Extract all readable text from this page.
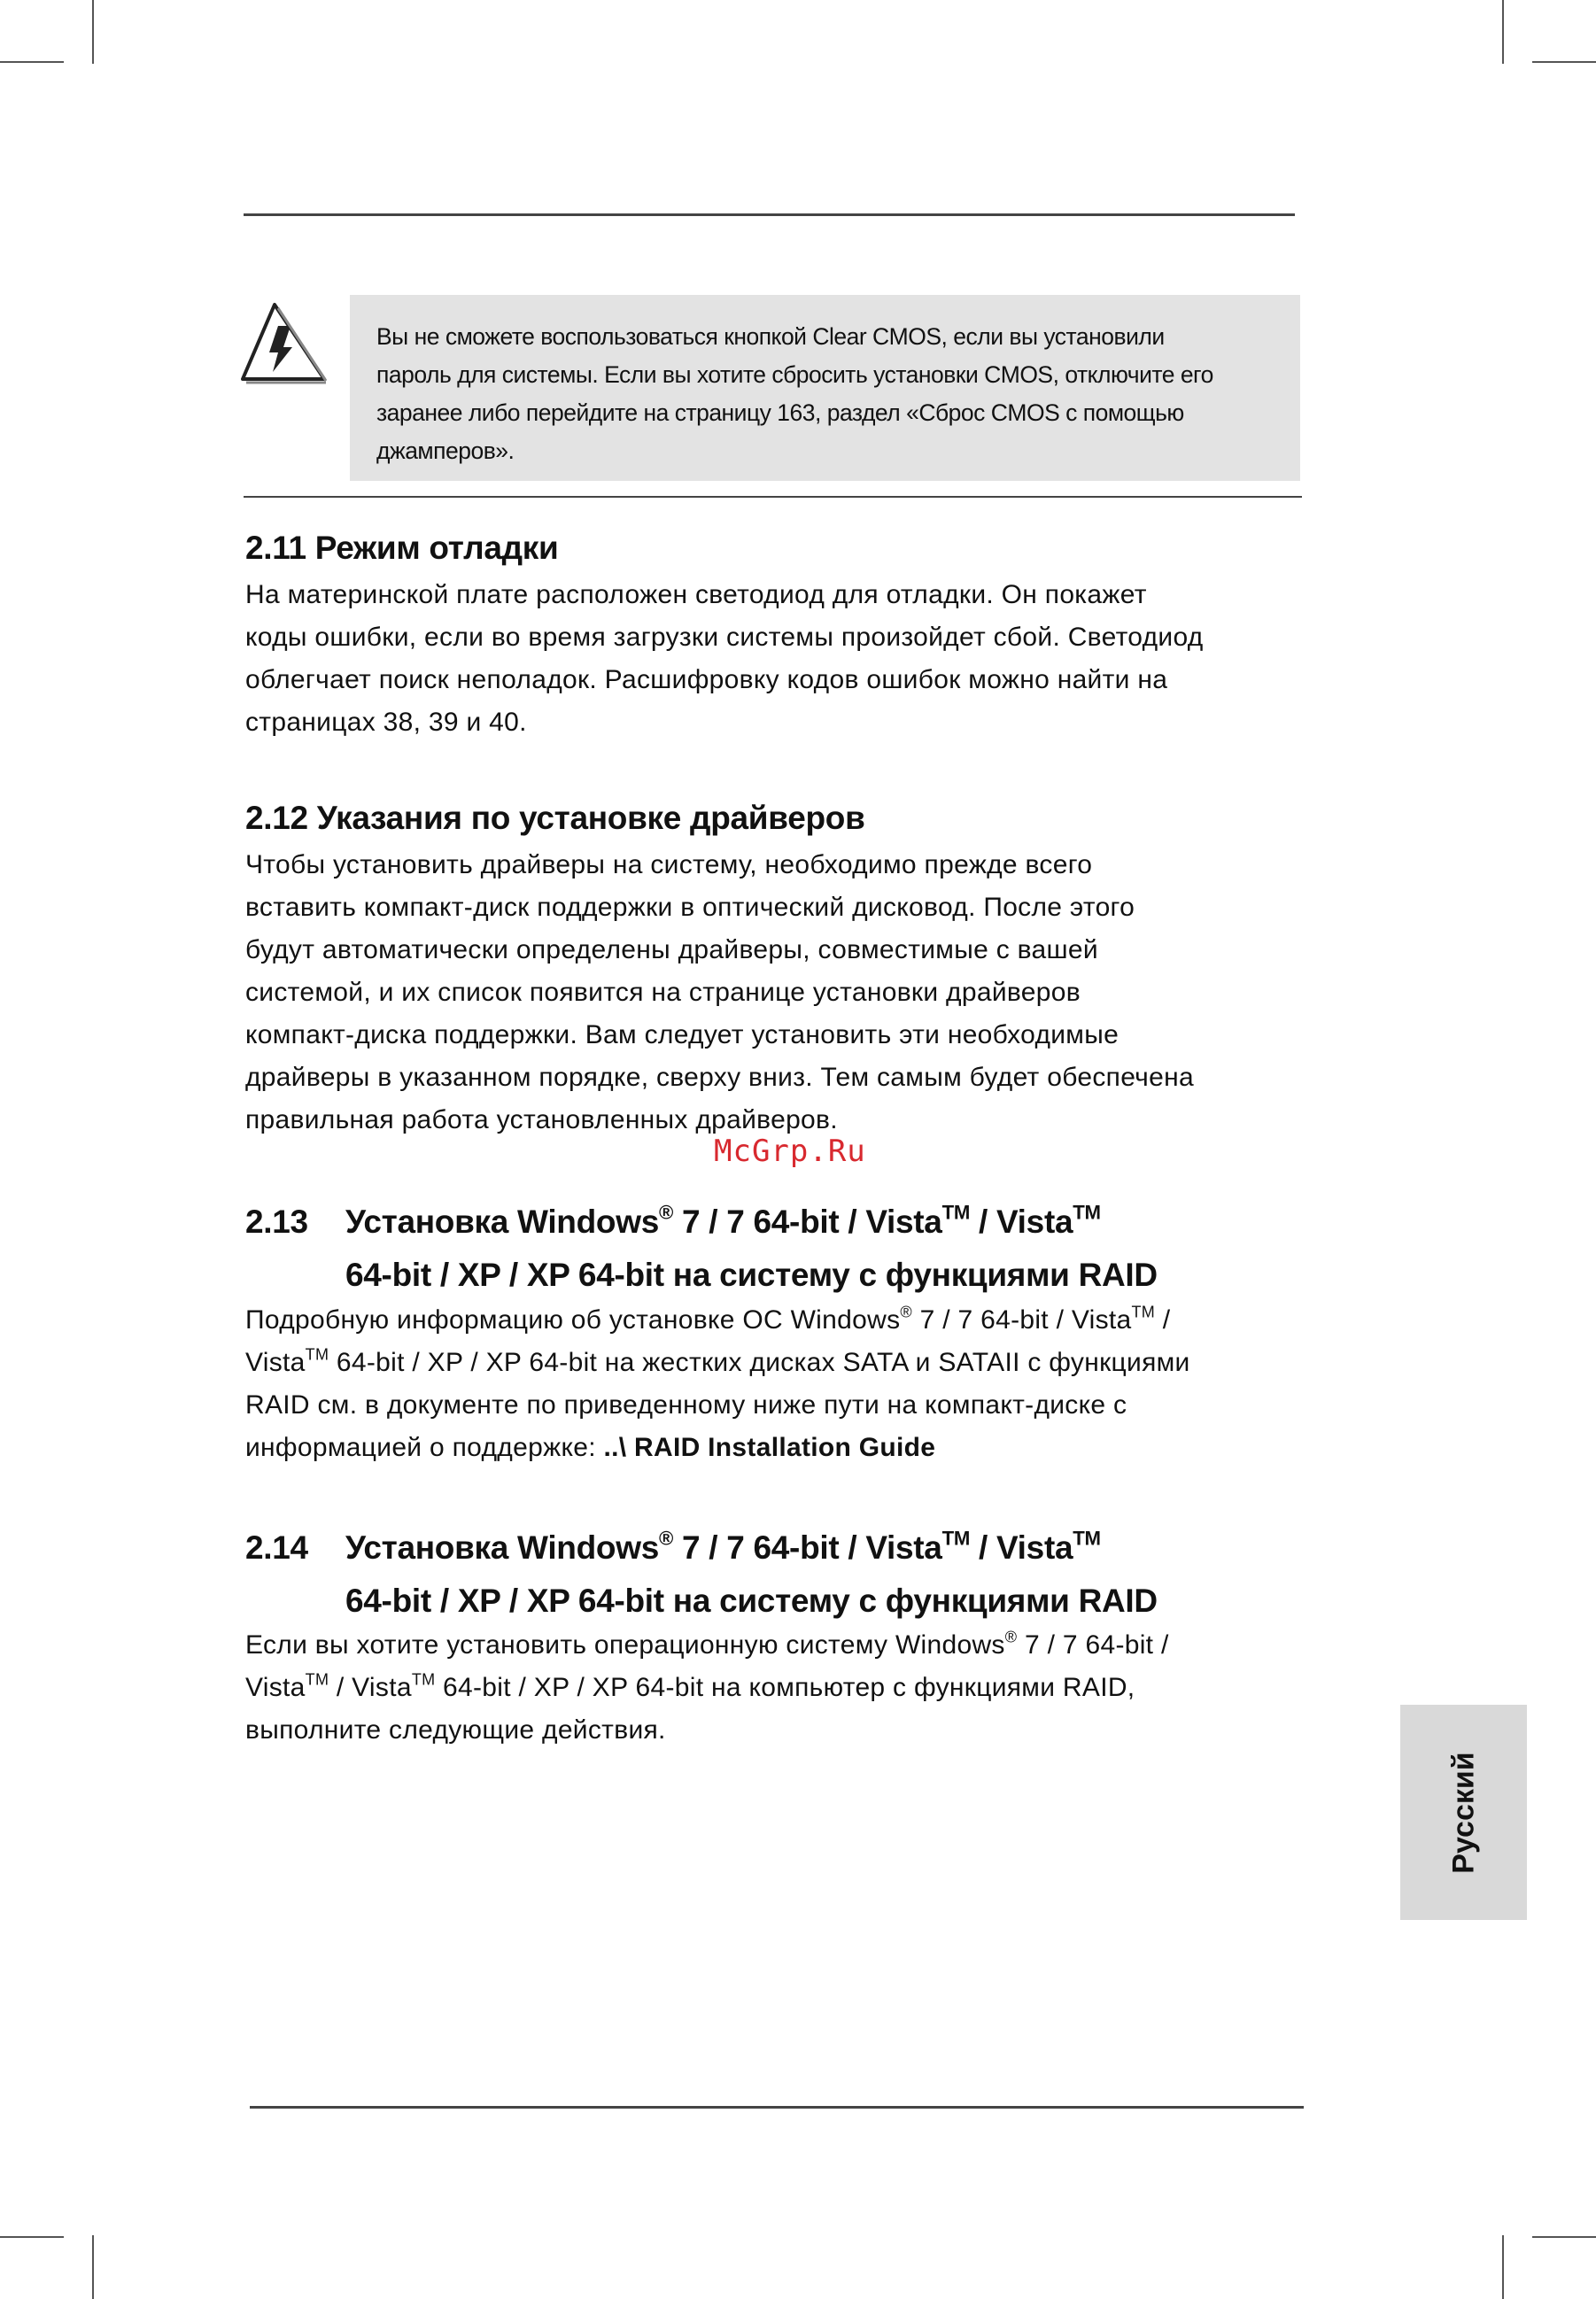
Вы не сможете воспользоваться кнопкой Clear CMOS, если вы установили

пароль для системы. Если вы хотите сбросить установки CMOS, отключите его

заранее либо перейдите на страницу 163, раздел «Сброс CMOS с помощью

джамперов».

2.11 Режим отладки

На материнской плате расположен светодиод для отладки. Он покажет
коды ошибки, если во время загрузки системы произойдет сбой. Светодиод
облегчает поиск неполадок. Расшифровку кодов ошибок можно найти на
страницах 38, 39 и 40.

2.12 Указания по установке драйверов

Чтобы установить драйверы на систему, необходимо прежде всего
вставить компакт-диск поддержки в оптический дисковод. После этого
будут автоматически определены драйверы, совместимые с вашей
системой, и их список появится на странице установки драйверов
компакт-диска поддержки. Вам следует установить эти необходимые
драйверы в указанном порядке, сверху вниз. Тем самым будет обеспечена
правильная работа установленных драйверов.

McGrp.Ru
2.13 Установка Windows® 7 / 7 64-bit / Vista™ / Vista™
64-bit / XP / XP 64-bit на систему с функциями RAID

Подробную информацию об установке ОС Windows® 7 / 7 64-bit / Vista™ /
Vista™ 64-bit / XP / XP 64-bit на жестких дисках SATA и SATAII с функциями
RAID см. в документе по приведенному ниже пути на компакт-диске с
информацией о поддержке: ..\ RAID Installation Guide

2.14 Установка Windows® 7 / 7 64-bit / Vista™ / Vista™
64-bit / XP / XP 64-bit на систему с функциями RAID

Если вы хотите установить операционную систему Windows® 7 / 7 64-bit /
Vista™ / Vista™ 64-bit / XP / XP 64-bit на компьютер с функциями RAID,
выполните следующие действия.

Русский
